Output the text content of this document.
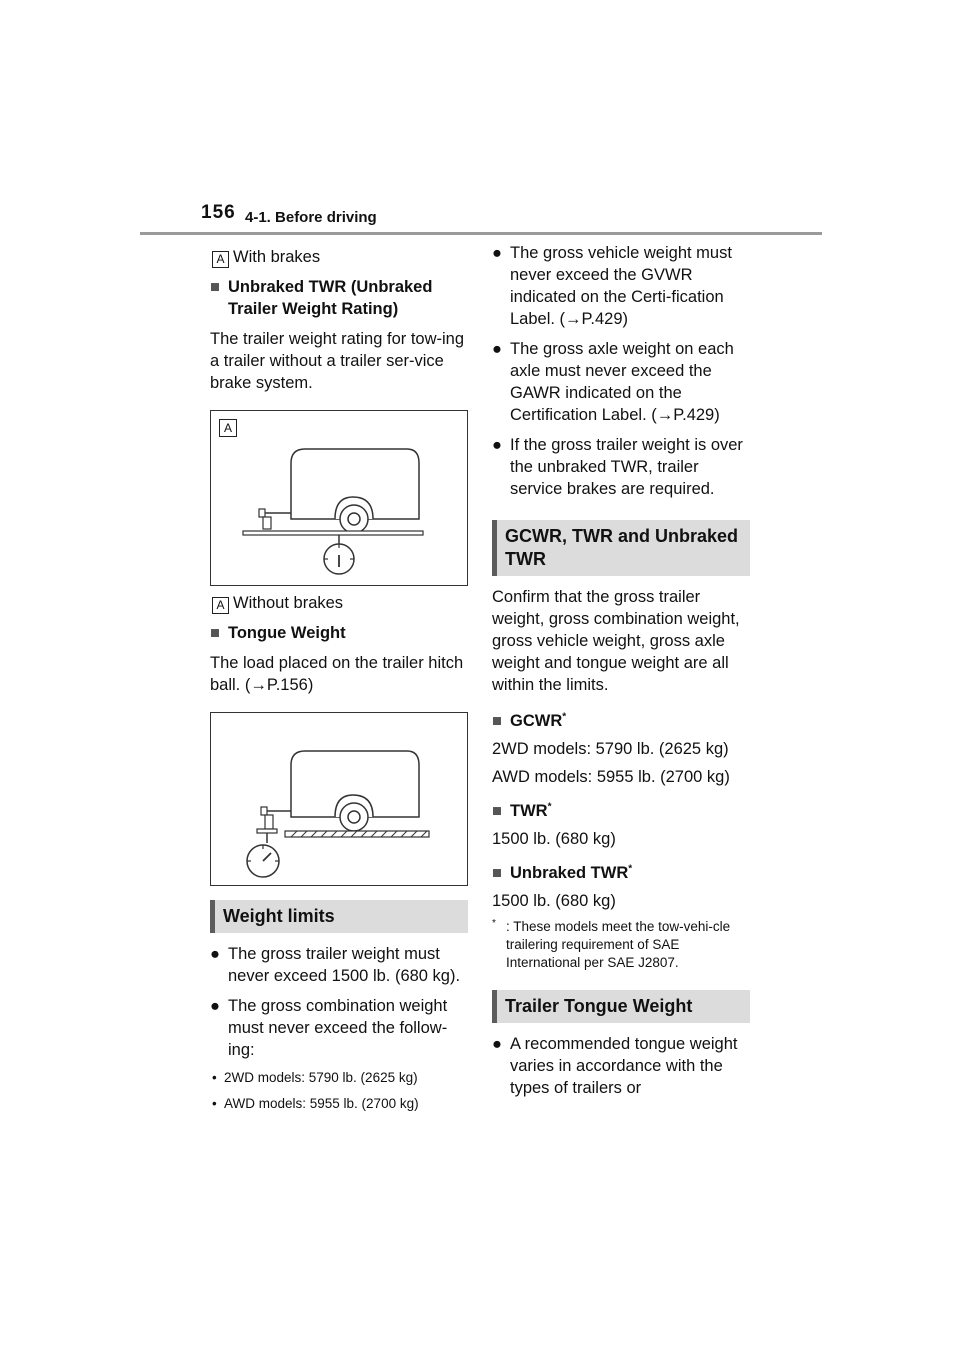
156 4-1. Before driving
A With brakes
■ Unbraked TWR (Unbraked Trailer Weight Rating)
The trailer weight rating for tow-ing a trailer without a trailer ser-vice brake system.
A
A Without brakes
■ Tongue Weight
The load placed on the trailer hitch ball. (→P.156)
Weight limits
● The gross trailer weight must never exceed 1500 lb. (680 kg).
● The gross combination weight must never exceed the follow-ing:
• 2WD models: 5790 lb. (2625 kg)
• AWD models: 5955 lb. (2700 kg)
● The gross vehicle weight must never exceed the GVWR indicated on the Certi-fication Label. (→P.429)
● The gross axle weight on each axle must never exceed the GAWR indicated on the Certification Label. (→P.429)
● If the gross trailer weight is over the unbraked TWR, trailer service brakes are required.
GCWR, TWR and Unbraked TWR
Confirm that the gross trailer weight, gross combination weight, gross vehicle weight, gross axle weight and tongue weight are all within the limits.
■ GCWR*
2WD models: 5790 lb. (2625 kg)
AWD models: 5955 lb. (2700 kg)
■ TWR*
1500 lb. (680 kg)
■ Unbraked TWR*
1500 lb. (680 kg)
* : These models meet the tow-vehi-cle trailering requirement of SAE International per SAE J2807.
Trailer Tongue Weight
● A recommended tongue weight varies in accordance with the types of trailers or
